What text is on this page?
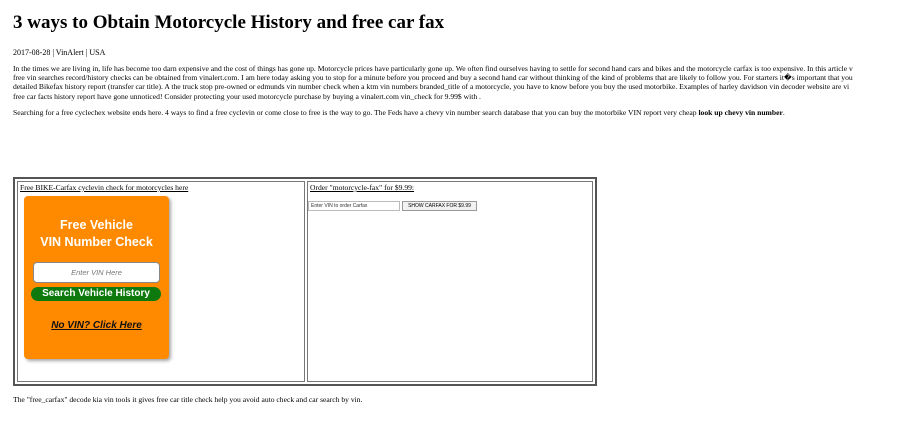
3 ways to Obtain Motorcycle History and free car fax
2017-08-28 | VinAlert | USA
In the times we are living in, life has become too darn expensive and the cost of things has gone up. Motorcycle prices have particularly gone up. We often find ourselves having to settle for second hand cars and bikes and the motorcycle carfax is too expensive. In this article v
free vin searches record/history checks can be obtained from vinalert.com. I am here today asking you to stop for a minute before you proceed and buy a second hand car without thinking of the kind of problems that are likely to follow you. For starters it�s important that you
detailed Bikefax history report (transfer car title). A the truck stop pre-owned or edmunds vin number check when a ktm vin numbers branded_title of a motorcycle, you have to know before you buy the used motorbike. Examples of harley davidson vin decoder website are vi
free car facts history report have gone unnoticed! Consider protecting your used motorcycle purchase by buying a vinalert.com vin_check for 9.99$ with .
Searching for a free cyclechex website ends here. 4 ways to find a free cyclevin or come close to free is the way to go. The Feds have a chevy vin number search database that you can buy the motorbike VIN report very cheap look up chevy vin number.
Free BIKE-Carfax cyclevin check for motorcycles here
Free Vehicle
VIN Number Check
Enter VIN Here
Search Vehicle History
No VIN? Click Here
Order "motorcycle-fax" for $9.99:
Enter VIN to order Carfax
SHOW CARFAX FOR $9.99
The "free_carfax" decode kia vin tools it gives free car title check help you avoid auto check and car search by vin.
